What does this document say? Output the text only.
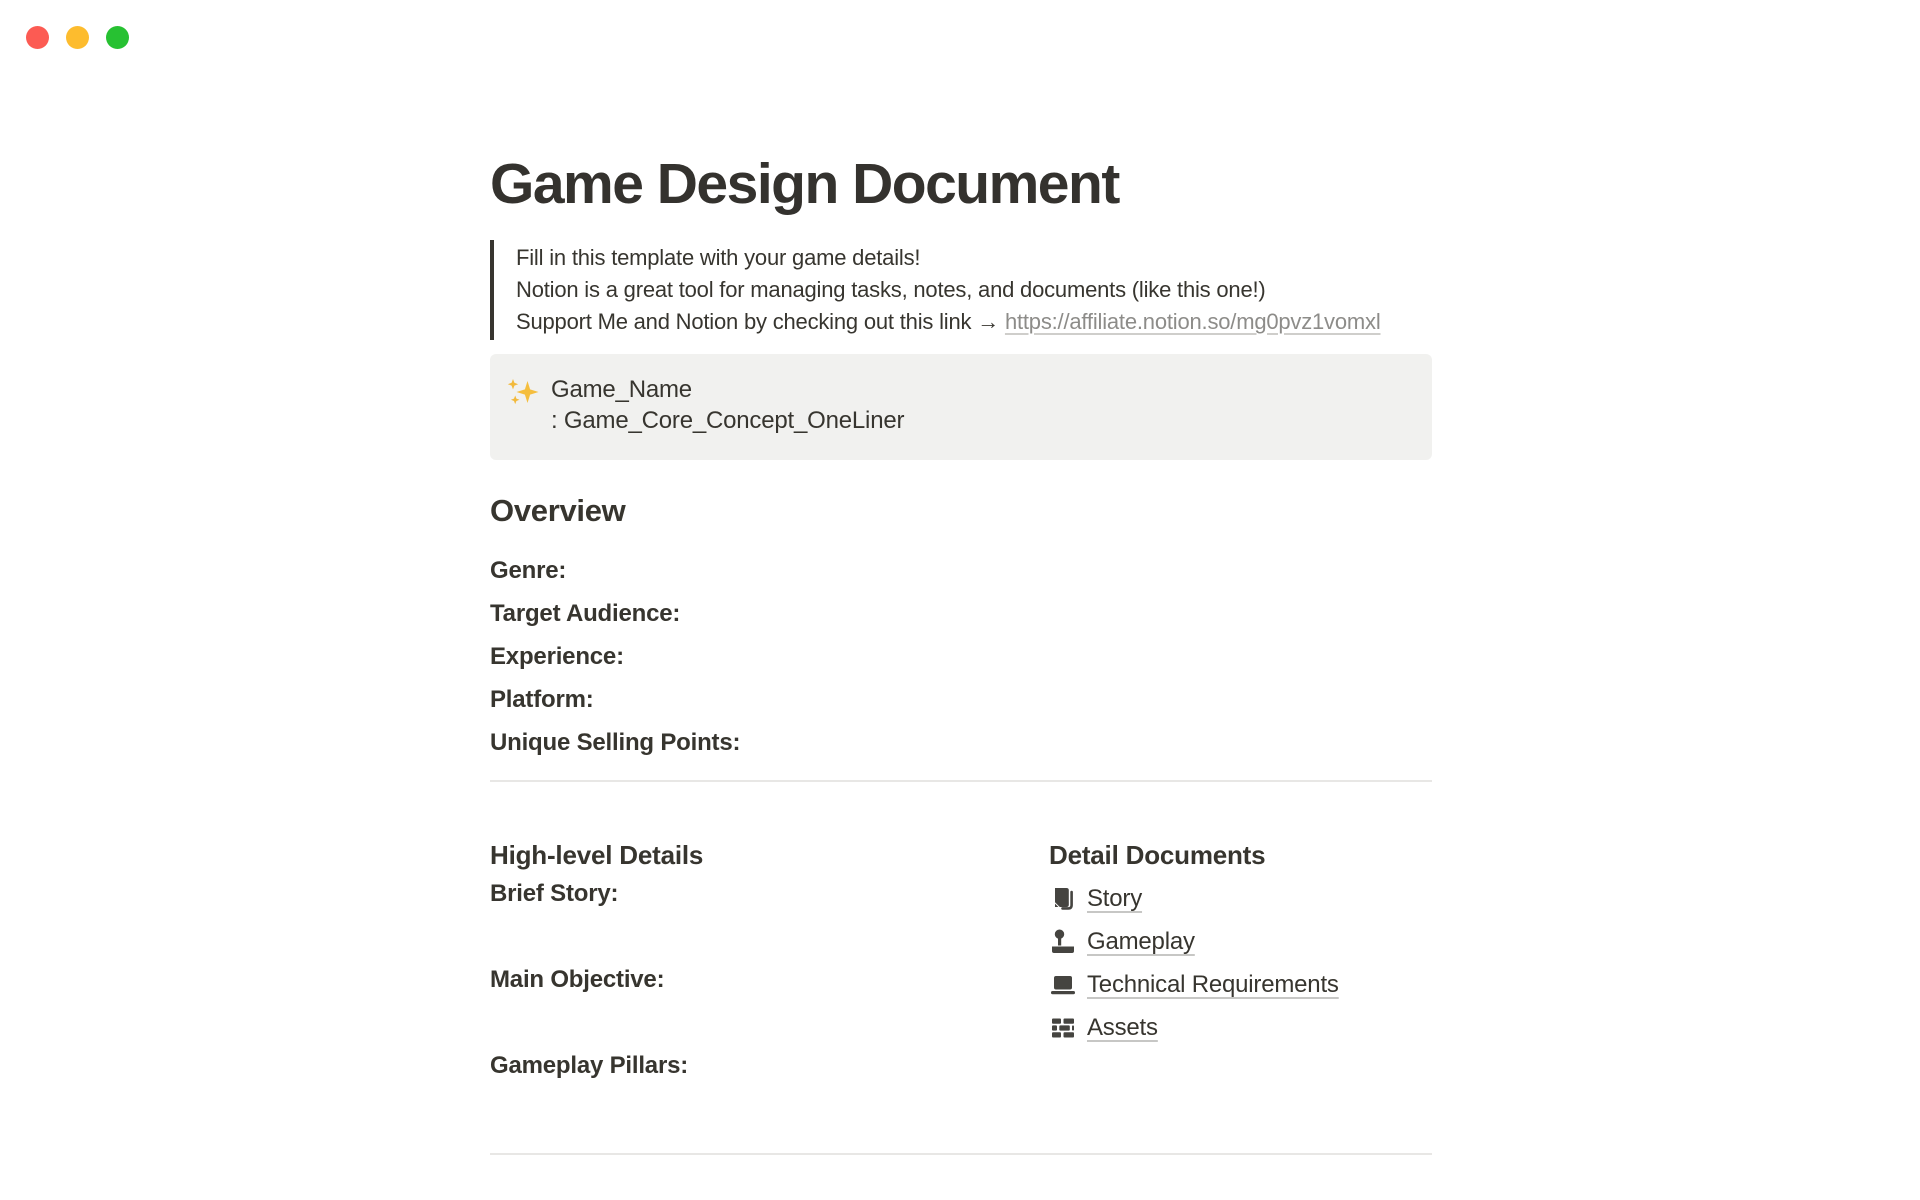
Game Design Document
Fill in this template with your game details!
Notion is a great tool for managing tasks, notes, and documents (like this one!)
Support Me and Notion by checking out this link → https://affiliate.notion.so/mg0pvz1vomxl
Game_Name
: Game_Core_Concept_OneLiner
Overview

Genre:

Target Audience:

Experience:

Platform:

Unique Selling Points:

High-level Details

Brief Story:

Main Objective:

Gameplay Pillars:

Detail Documents
Story
Gameplay
Technical Requirements
Assets
